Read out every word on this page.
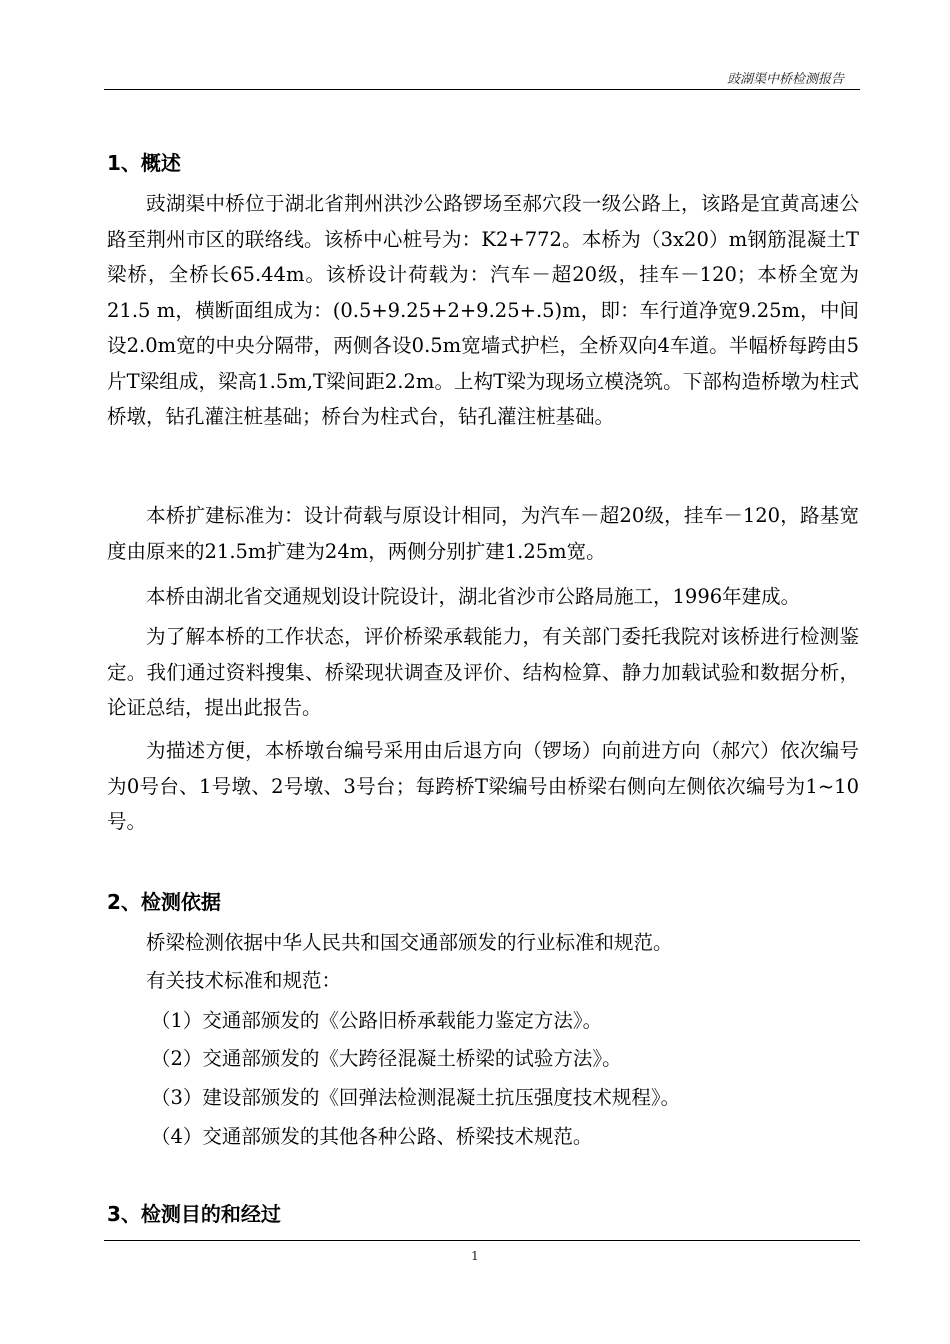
豉湖渠中桥检测报告
1、概述

豉湖渠中桥位于湖北省荆州洪沙公路锣场至郝穴段一级公路上，该路是宜黄高速公路至荆州市区的联络线。该桥中心桩号为：K2+772。本桥为（3x20）m钢筋混凝土T梁桥，全桥长65.44m。该桥设计荷载为：汽车－超20级，挂车－120；本桥全宽为21.5 m，横断面组成为：(0.5+9.25+2+9.25+.5)m，即：车行道净宽9.25m，中间设2.0m宽的中央分隔带，两侧各设0.5m宽墙式护栏，全桥双向4车道。半幅桥每跨由5片T梁组成，梁高1.5m,T梁间距2.2m。上构T梁为现场立模浇筑。下部构造桥墩为柱式桥墩，钻孔灌注桩基础；桥台为柱式台，钻孔灌注桩基础。

本桥扩建标准为：设计荷载与原设计相同，为汽车－超20级，挂车－120，路基宽度由原来的21.5m扩建为24m，两侧分别扩建1.25m宽。

本桥由湖北省交通规划设计院设计，湖北省沙市公路局施工，1996年建成。

为了解本桥的工作状态，评价桥梁承载能力，有关部门委托我院对该桥进行检测鉴定。我们通过资料搜集、桥梁现状调查及评价、结构检算、静力加载试验和数据分析，论证总结，提出此报告。

为描述方便，本桥墩台编号采用由后退方向（锣场）向前进方向（郝穴）依次编号为0号台、1号墩、2号墩、3号台；每跨桥T梁编号由桥梁右侧向左侧依次编号为1~10号。

2、检测依据

桥梁检测依据中华人民共和国交通部颁发的行业标准和规范。

有关技术标准和规范：

（1）交通部颁发的《公路旧桥承载能力鉴定方法》。

（2）交通部颁发的《大跨径混凝土桥梁的试验方法》。

（3）建设部颁发的《回弹法检测混凝土抗压强度技术规程》。

（4）交通部颁发的其他各种公路、桥梁技术规范。

3、检测目的和经过
1
